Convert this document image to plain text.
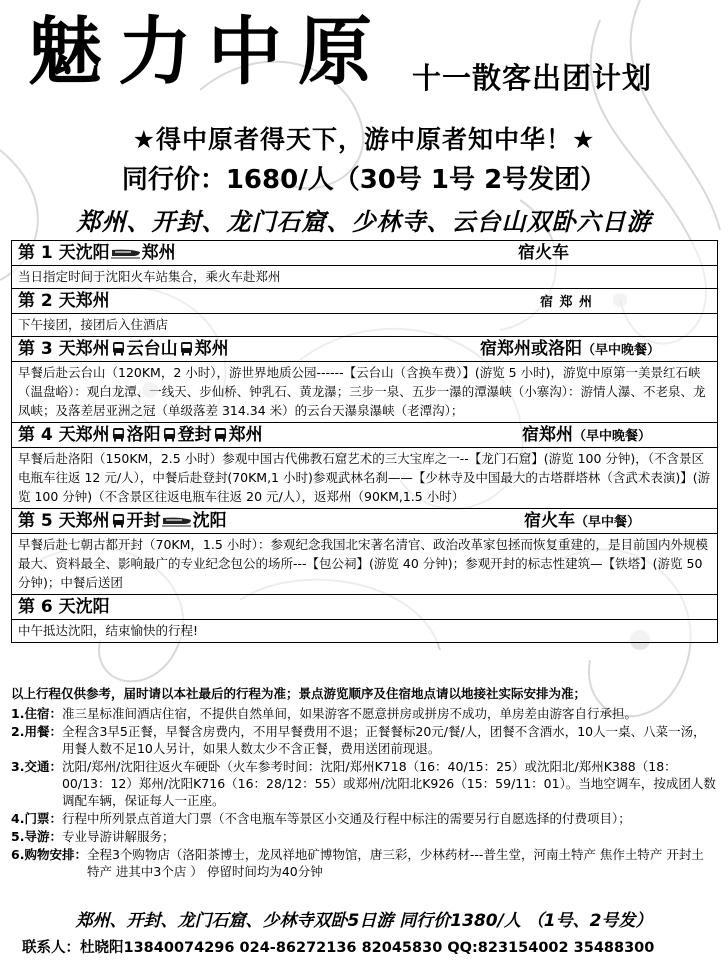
魅力中原 十一散客出团计划
★得中原者得天下，游中原者知中华！★
同行价：1680/人（30号 1号 2号发团）
郑州、开封、龙门石窟、少林寺、云台山双卧六日游
第 1 天沈阳 郑州	宿火车
当日指定时间于沈阳火车站集合，乘火车赴郑州
第 2 天郑州	宿 郑 州
下午接团，接团后入住酒店
第 3 天郑州 云台山 郑州	宿郑州或洛阳（早中晚餐）
早餐后赴云台山（120KM，2 小时），游世界地质公园------【云台山（含换车费）】(游览 5 小时)，游览中原第一美景红石峡（温盘峪）：观白龙潭、一线天、步仙桥、钟乳石、黄龙瀑；三步一泉、五步一瀑的潭瀑峡（小寨沟）：游情人瀑、不老泉、龙凤峡；及落差居亚洲之冠（单级落差 314.34 米）的云台天瀑泉瀑峡（老潭沟）；
第 4 天郑州 洛阳 登封 郑州	宿郑州（早中晚餐）
早餐后赴洛阳（150KM，2.5 小时）参观中国古代佛教石窟艺术的三大宝库之一--【龙门石窟】(游览 100 分钟)，（不含景区电瓶车往返 12 元/人），中餐后赴登封(70KM,1 小时)参观武林名刹——【少林寺及中国最大的古塔群塔林（含武术表演)】(游览 100 分钟)（不含景区往返电瓶车往返 20 元/人），返郑州（90KM,1.5 小时）
第 5 天郑州 开封 沈阳	宿火车（早中餐）
早餐后赴七朝古都开封（70KM，1.5 小时）：参观纪念我国北宋著名清官、政治改革家包拯而恢复重建的，是目前国内外规模最大、资料最全、影响最广的专业纪念包公的场所---【包公祠】(游览 40 分钟)；参观开封的标志性建筑—【铁塔】(游览 50 分钟)；中餐后送团
第 6 天沈阳
中午抵达沈阳，结束愉快的行程!
以上行程仅供参考，届时请以本社最后的行程为准；景点游览顺序及住宿地点请以地接社实际安排为准；
1.住宿： 准三星标准间酒店住宿，不提供自然单间，如果游客不愿意拼房或拼房不成功，单房差由游客自行承担。
2.用餐： 全程含3早5正餐，早餐含房费内，不用早餐费用不退；正餐餐标20元/餐/人，团餐不含酒水，10人一桌、八菜一汤，用餐人数不足10人另计，如果人数太少不含正餐，费用送团前现退。
3.交通： 沈阳/郑州/沈阳往返火车硬卧（火车参考时间：沈阳/郑州K718（16：40/15：25）或沈阳北/郑州K388（18：00/13：12）郑州/沈阳K716（16：28/12：55）或郑州/沈阳北K926（15：59/11：01）。当地空调车，按成团人数调配车辆，保证每人一正座。
4.门票： 行程中所列景点首道大门票（不含电瓶车等景区小交通及行程中标注的需要另行自愿选择的付费项目）；
5.导游： 专业导游讲解服务；
6.购物安排： 全程3个购物店（洛阳茶博士，龙凤祥地矿博物馆，唐三彩，少林药材---普生堂，河南土特产 焦作土特产 开封土特产 进其中3个店 ） 停留时间均为40分钟
郑州、开封、龙门石窟、少林寺双卧5日游 同行价1380/人 （1号、2号发）
联系人：杜晓阳13840074296 024-86272136 82045830 QQ:823154002 35488300
